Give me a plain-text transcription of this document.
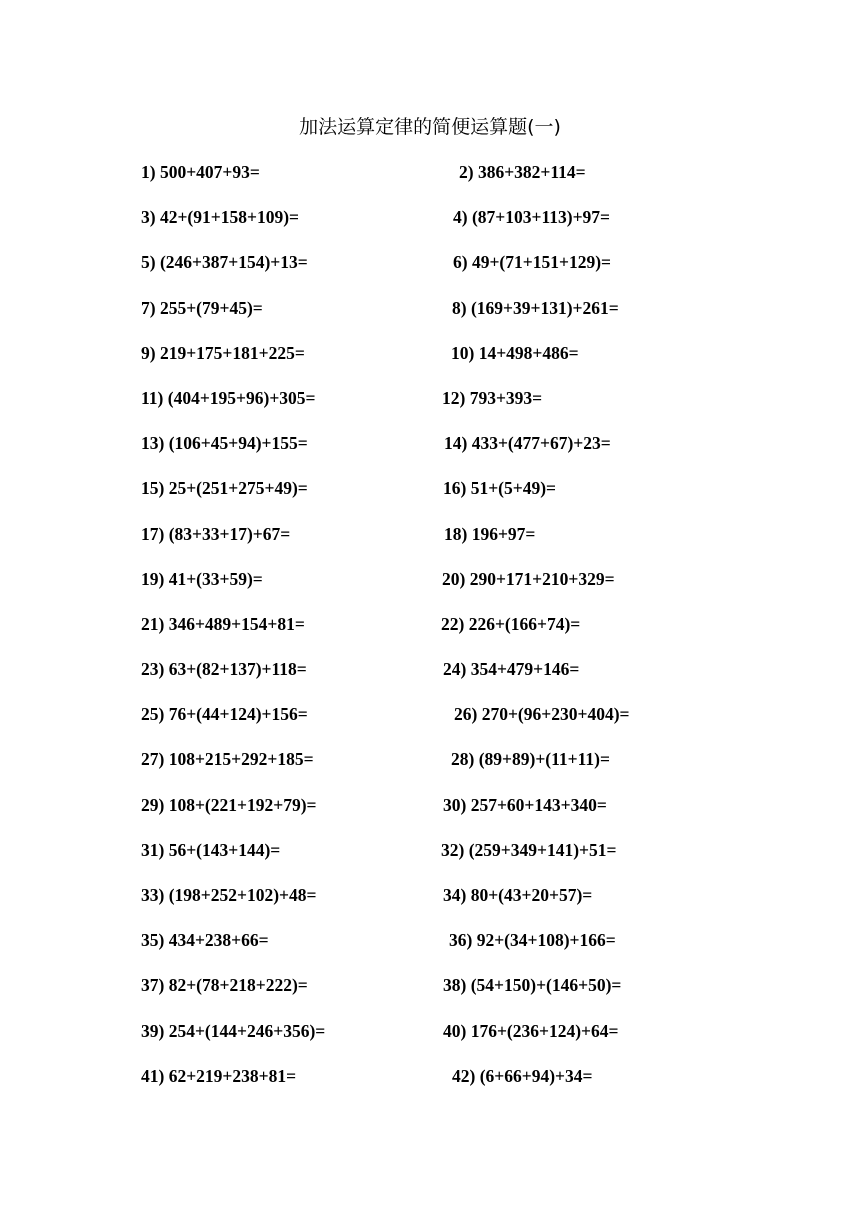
加法运算定律的简便运算题(一)
1) 500+407+93=	2) 386+382+114=
3) 42+(91+158+109)=	4) (87+103+113)+97=
5) (246+387+154)+13=	6) 49+(71+151+129)=
7) 255+(79+45)=	8) (169+39+131)+261=
9) 219+175+181+225=	10) 14+498+486=
11) (404+195+96)+305=	12) 793+393=
13) (106+45+94)+155=	14) 433+(477+67)+23=
15) 25+(251+275+49)=	16) 51+(5+49)=
17) (83+33+17)+67=	18) 196+97=
19) 41+(33+59)=	20) 290+171+210+329=
21) 346+489+154+81=	22) 226+(166+74)=
23) 63+(82+137)+118=	24) 354+479+146=
25) 76+(44+124)+156=	26) 270+(96+230+404)=
27) 108+215+292+185=	28) (89+89)+(11+11)=
29) 108+(221+192+79)=	30) 257+60+143+340=
31) 56+(143+144)=	32) (259+349+141)+51=
33) (198+252+102)+48=	34) 80+(43+20+57)=
35) 434+238+66=	36) 92+(34+108)+166=
37) 82+(78+218+222)=	38) (54+150)+(146+50)=
39) 254+(144+246+356)=	40) 176+(236+124)+64=
41) 62+219+238+81=	42) (6+66+94)+34=
